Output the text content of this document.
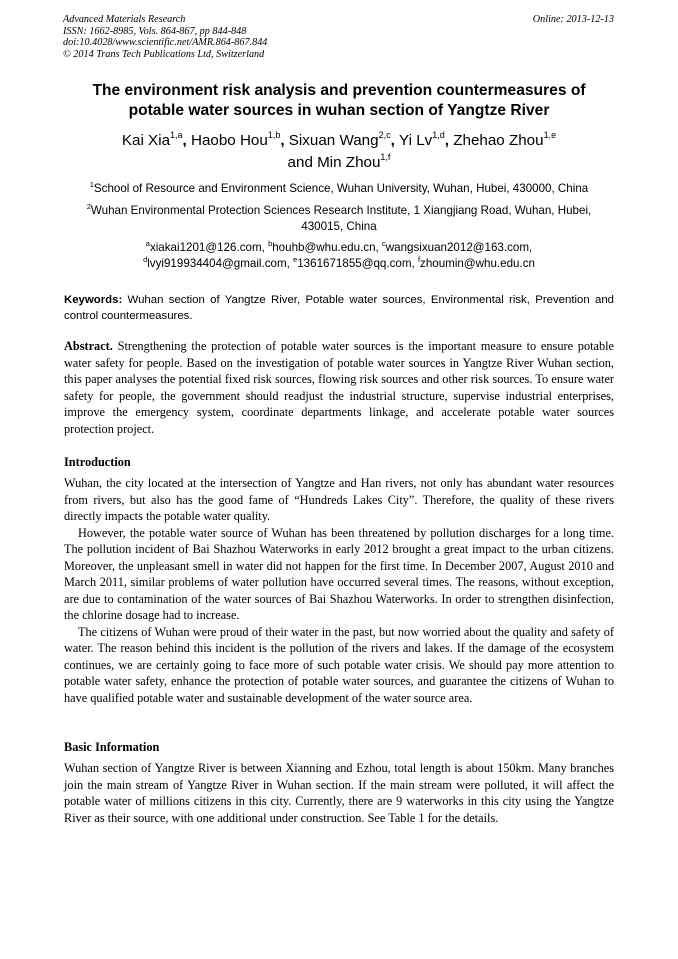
Advanced Materials Research
ISSN: 1662-8985, Vols. 864-867, pp 844-848
doi:10.4028/www.scientific.net/AMR.864-867.844
© 2014 Trans Tech Publications Ltd, Switzerland
Online: 2013-12-13
The environment risk analysis and prevention countermeasures of
potable water sources in wuhan section of Yangtze River
Kai Xia$^{1,a}$, Haobo Hou$^{1,b}$, Sixuan Wang$^{2,c}$, Yi Lv$^{1,d}$, Zhehao Zhou$^{1,e}$
and Min Zhou$^{1,f}$
$^1$School of Resource and Environment Science, Wuhan University, Wuhan, Hubei, 430000, China
$^2$Wuhan Environmental Protection Sciences Research Institute, 1 Xiangjiang Road, Wuhan, Hubei,
430015, China
$^a$xiakai1201@126.com, $^b$houhb@whu.edu.cn, $^c$wangsixuan2012@163.com,
$^d$lvyi919934404@gmail.com, $^e$1361671855@qq.com, $^f$zhoumin@whu.edu.cn
Keywords: Wuhan section of Yangtze River, Potable water sources, Environmental risk, Prevention and control countermeasures.
Abstract. Strengthening the protection of potable water sources is the important measure to ensure potable water safety for people. Based on the investigation of potable water sources in Yangtze River Wuhan section, this paper analyses the potential fixed risk sources, flowing risk sources and other risk sources. To ensure water safety for people, the government should readjust the industrial structure, supervise industrial enterprises, improve the emergency system, coordinate departments linkage, and accelerate potable water sources protection project.
Introduction

Wuhan, the city located at the intersection of Yangtze and Han rivers, not only has abundant water resources from rivers, but also has the good fame of “Hundreds Lakes City”. Therefore, the quality of these rivers directly impacts the potable water quality.

However, the potable water source of Wuhan has been threatened by pollution discharges for a long time. The pollution incident of Bai Shazhou Waterworks in early 2012 brought a great impact to the urban citizens. Moreover, the unpleasant smell in water did not happen for the first time. In December 2007, August 2010 and March 2011, similar problems of water pollution have occurred several times. The reasons, without exception, are due to contamination of the water sources of Bai Shazhou Waterworks. In order to strengthen disinfection, the chlorine dosage had to increase.

The citizens of Wuhan were proud of their water in the past, but now worried about the quality and safety of water. The reason behind this incident is the pollution of the rivers and lakes. If the damage of the ecosystem continues, we are certainly going to face more of such potable water crisis. We should pay more attention to potable water safety, enhance the protection of potable water sources, and guarantee the citizens of Wuhan to have qualified potable water and sustainable development of the water source area.

Basic Information

Wuhan section of Yangtze River is between Xianning and Ezhou, total length is about 150km. Many branches join the main stream of Yangtze River in Wuhan section. If the main stream were polluted, it will affect the potable water of millions citizens in this city. Currently, there are 9 waterworks in this city using the Yangtze River as their source, with one additional under construction. See Table 1 for the details.
